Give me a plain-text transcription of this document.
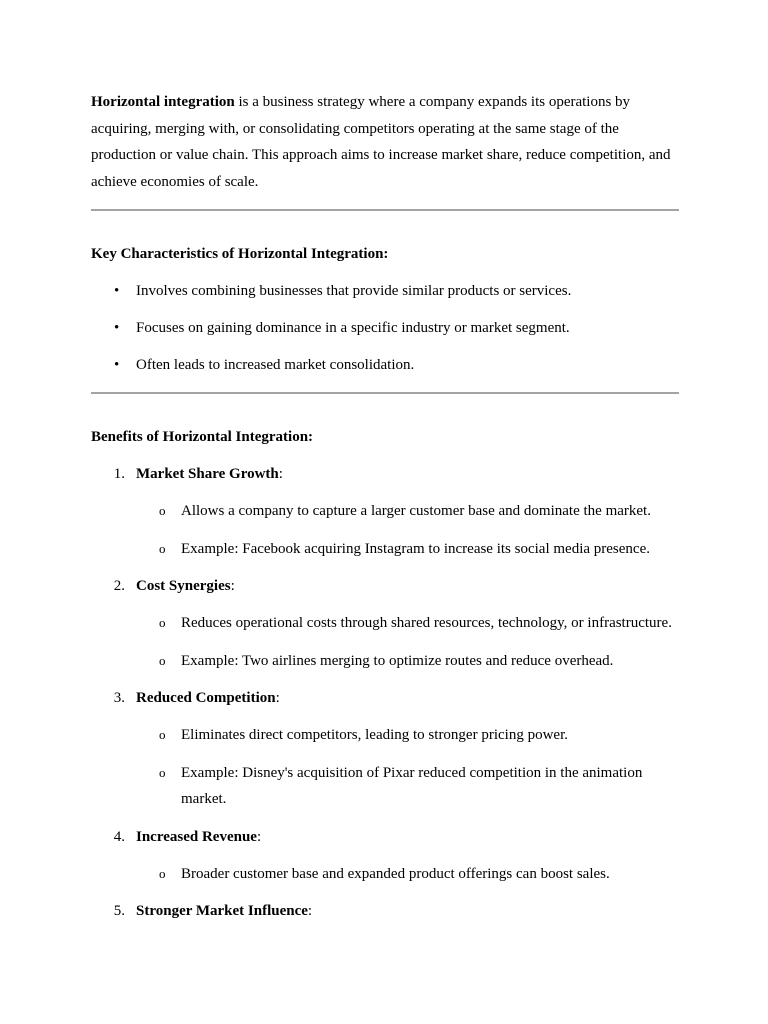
Horizontal integration is a business strategy where a company expands its operations by acquiring, merging with, or consolidating competitors operating at the same stage of the production or value chain. This approach aims to increase market share, reduce competition, and achieve economies of scale.

Key Characteristics of Horizontal Integration:

• Involves combining businesses that provide similar products or services.
• Focuses on gaining dominance in a specific industry or market segment.
• Often leads to increased market consolidation.

Benefits of Horizontal Integration:

1. Market Share Growth:
o Allows a company to capture a larger customer base and dominate the market.
o Example: Facebook acquiring Instagram to increase its social media presence.
2. Cost Synergies:
o Reduces operational costs through shared resources, technology, or infrastructure.
o Example: Two airlines merging to optimize routes and reduce overhead.
3. Reduced Competition:
o Eliminates direct competitors, leading to stronger pricing power.
o Example: Disney's acquisition of Pixar reduced competition in the animation market.
4. Increased Revenue:
o Broader customer base and expanded product offerings can boost sales.
5. Stronger Market Influence:
